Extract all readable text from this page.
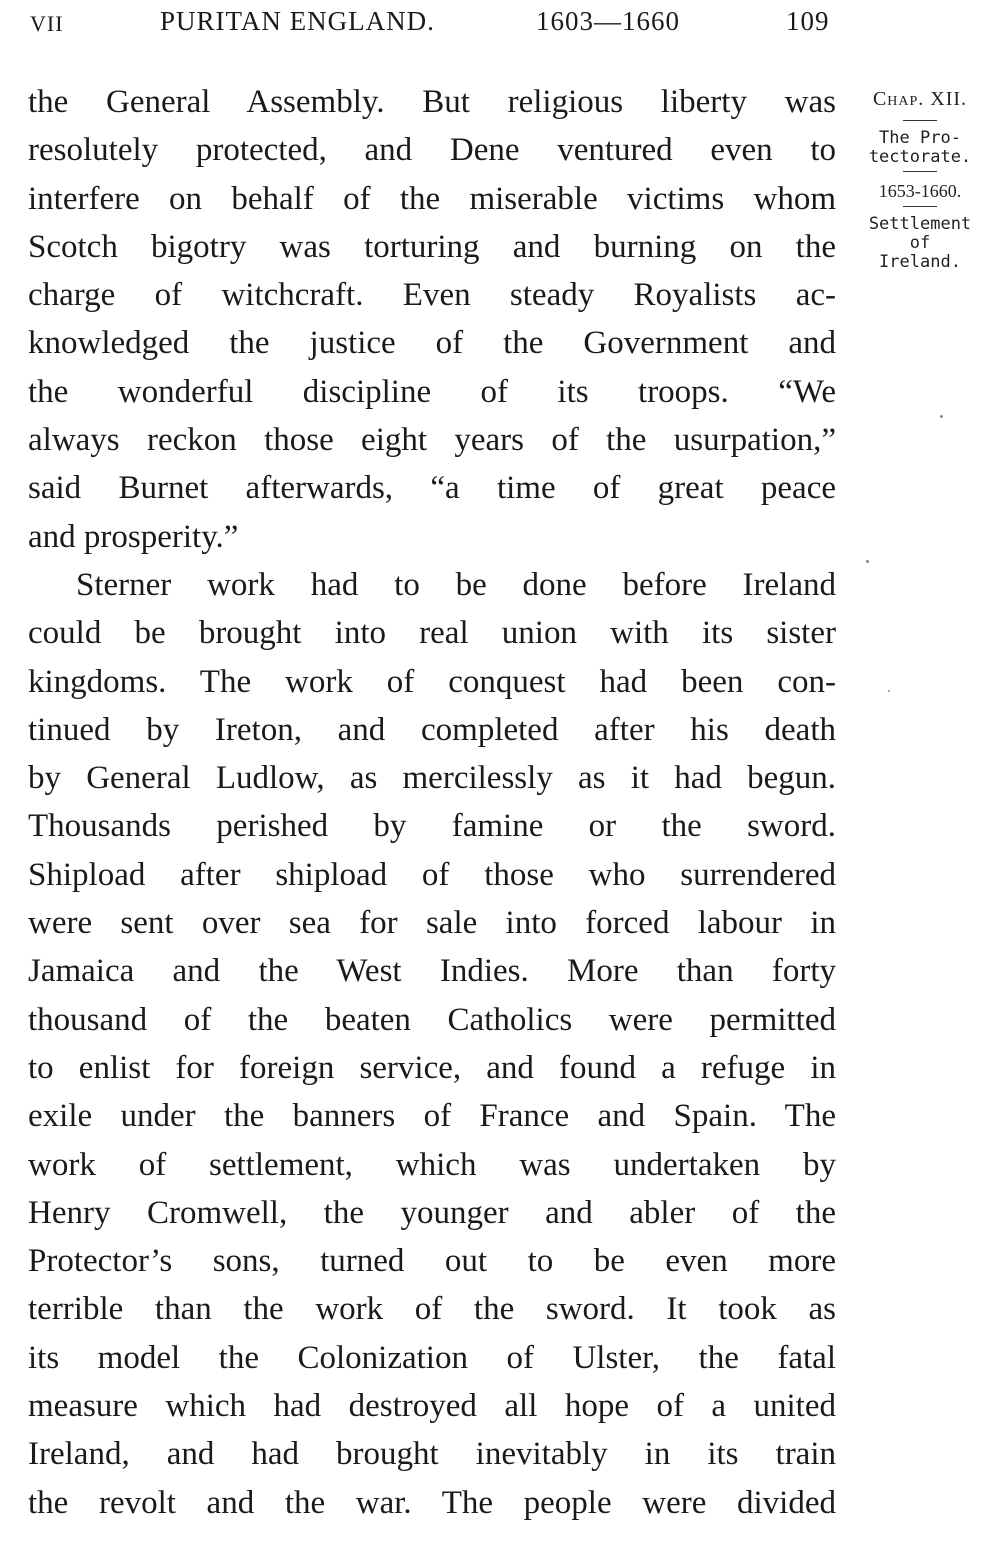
VII	PURITAN ENGLAND.	1603—1660	109
the General Assembly. But religious liberty was
resolutely protected, and Dene ventured even to
interfere on behalf of the miserable victims whom
Scotch bigotry was torturing and burning on the
charge of witchcraft. Even steady Royalists ac-
knowledged the justice of the Government and
the wonderful discipline of its troops. “We
always reckon those eight years of the usurpation,”
said Burnet afterwards, “a time of great peace
and prosperity.”
Sterner work had to be done before Ireland
could be brought into real union with its sister
kingdoms. The work of conquest had been con-
tinued by Ireton, and completed after his death
by General Ludlow, as mercilessly as it had begun.
Thousands perished by famine or the sword.
Shipload after shipload of those who surrendered
were sent over sea for sale into forced labour in
Jamaica and the West Indies. More than forty
thousand of the beaten Catholics were permitted
to enlist for foreign service, and found a refuge in
exile under the banners of France and Spain. The
work of settlement, which was undertaken by
Henry Cromwell, the younger and abler of the
Protector’s sons, turned out to be even more
terrible than the work of the sword. It took as
its model the Colonization of Ulster, the fatal
measure which had destroyed all hope of a united
Ireland, and had brought inevitably in its train
the revolt and the war. The people were divided
Chap. XII.
The Pro-
tectorate.
1653-1660.
Settlement
of
Ireland.
